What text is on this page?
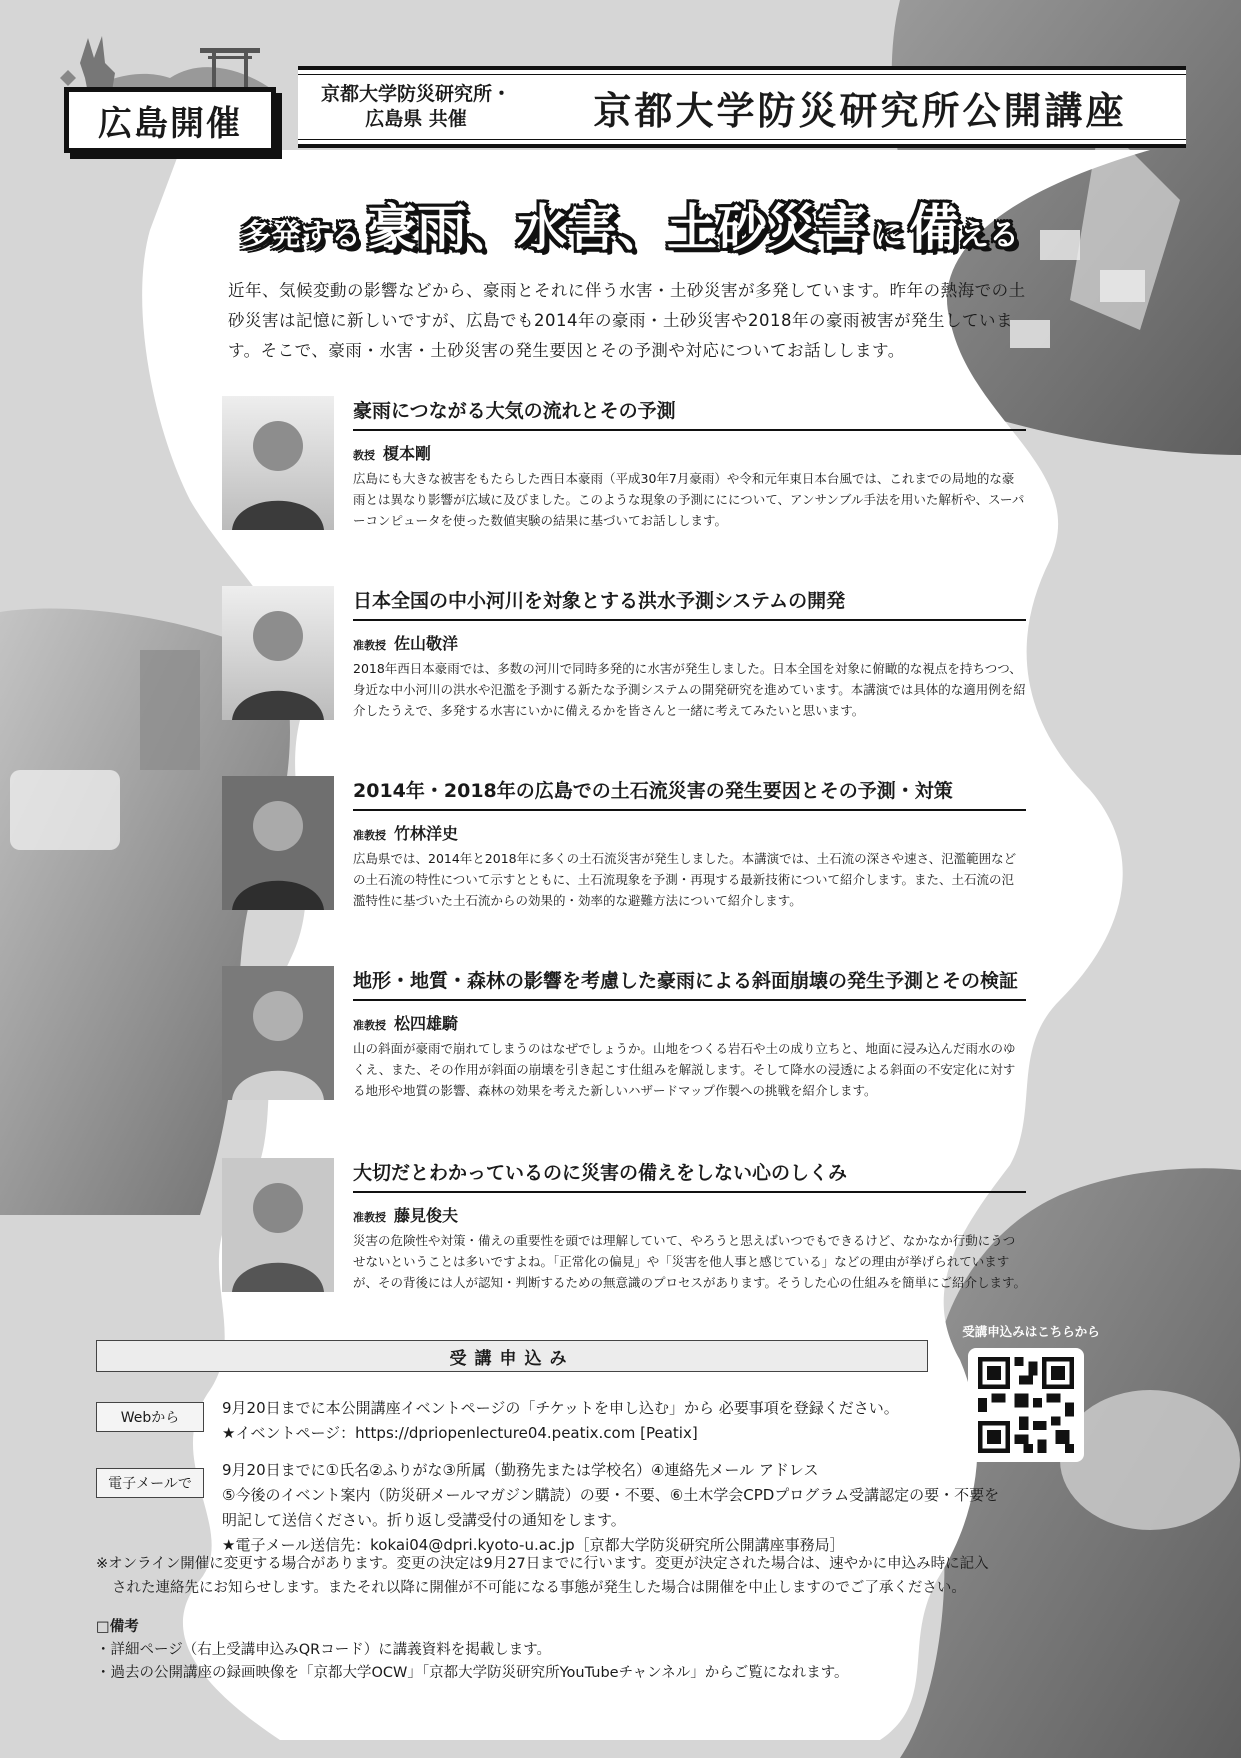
広島開催
京都大学防災研究所・
広島県 共催	京都大学防災研究所公開講座
多発する 豪雨、水害、土砂災害 に 備 える

近年、気候変動の影響などから、豪雨とそれに伴う水害・土砂災害が多発しています。昨年の熱海での土砂災害は記憶に新しいですが、広島でも2014年の豪雨・土砂災害や2018年の豪雨被害が発生しています。そこで、豪雨・水害・土砂災害の発生要因とその予測や対応についてお話しします。

豪雨につながる大気の流れとその予測
教授 榎本剛

広島にも大きな被害をもたらした西日本豪雨（平成30年7月豪雨）や令和元年東日本台風では、これまでの局地的な豪雨とは異なり影響が広域に及びました。このような現象の予測ににについて、アンサンブル手法を用いた解析や、スーパーコンピュータを使った数値実験の結果に基づいてお話しします。

日本全国の中小河川を対象とする洪水予測システムの開発
准教授 佐山敬洋

2018年西日本豪雨では、多数の河川で同時多発的に水害が発生しました。日本全国を対象に俯瞰的な視点を持ちつつ、身近な中小河川の洪水や氾濫を予測する新たな予測システムの開発研究を進めています。本講演では具体的な適用例を紹介したうえで、多発する水害にいかに備えるかを皆さんと一緒に考えてみたいと思います。

2014年・2018年の広島での土石流災害の発生要因とその予測・対策
准教授 竹林洋史

広島県では、2014年と2018年に多くの土石流災害が発生しました。本講演では、土石流の深さや速さ、氾濫範囲などの土石流の特性について示すとともに、土石流現象を予測・再現する最新技術について紹介します。また、土石流の氾濫特性に基づいた土石流からの効果的・効率的な避難方法について紹介します。

地形・地質・森林の影響を考慮した豪雨による斜面崩壊の発生予測とその検証
准教授 松四雄騎

山の斜面が豪雨で崩れてしまうのはなぜでしょうか。山地をつくる岩石や土の成り立ちと、地面に浸み込んだ雨水のゆくえ、また、その作用が斜面の崩壊を引き起こす仕組みを解説します。そして降水の浸透による斜面の不安定化に対する地形や地質の影響、森林の効果を考えた新しいハザードマップ作製への挑戦を紹介します。

大切だとわかっているのに災害の備えをしない心のしくみ
准教授 藤見俊夫

災害の危険性や対策・備えの重要性を頭では理解していて、やろうと思えばいつでもできるけど、なかなか行動にうつせないということは多いですよね。「正常化の偏見」や「災害を他人事と感じている」などの理由が挙げられていますが、その背後には人が認知・判断するための無意識のプロセスがあります。そうした心の仕組みを簡単にご紹介します。

受講申込み
受講申込みはこちらから
Webから
9月20日までに本公開講座イベントページの「チケットを申し込む」から 必要事項を登録ください。
★イベントページ：https://dpriopenlecture04.peatix.com [Peatix]
電子メールで
9月20日までに①氏名②ふりがな③所属（勤務先または学校名）④連絡先メール アドレス
⑤今後のイベント案内（防災研メールマガジン購読）の要・不要、⑥土木学会CPDプログラム受講認定の要・不要を
明記して送信ください。折り返し受講受付の通知をします。
★電子メール送信先：kokai04@dpri.kyoto-u.ac.jp［京都大学防災研究所公開講座事務局］

※オンライン開催に変更する場合があります。変更の決定は9月27日までに行います。変更が決定された場合は、速やかに申込み時に記入

された連絡先にお知らせします。またそれ以降に開催が不可能になる事態が発生した場合は開催を中止しますのでご了承ください。

□備考

・詳細ページ（右上受講申込みQRコード）に講義資料を掲載します。

・過去の公開講座の録画映像を「京都大学OCW」「京都大学防災研究所YouTubeチャンネル」からご覧になれます。
